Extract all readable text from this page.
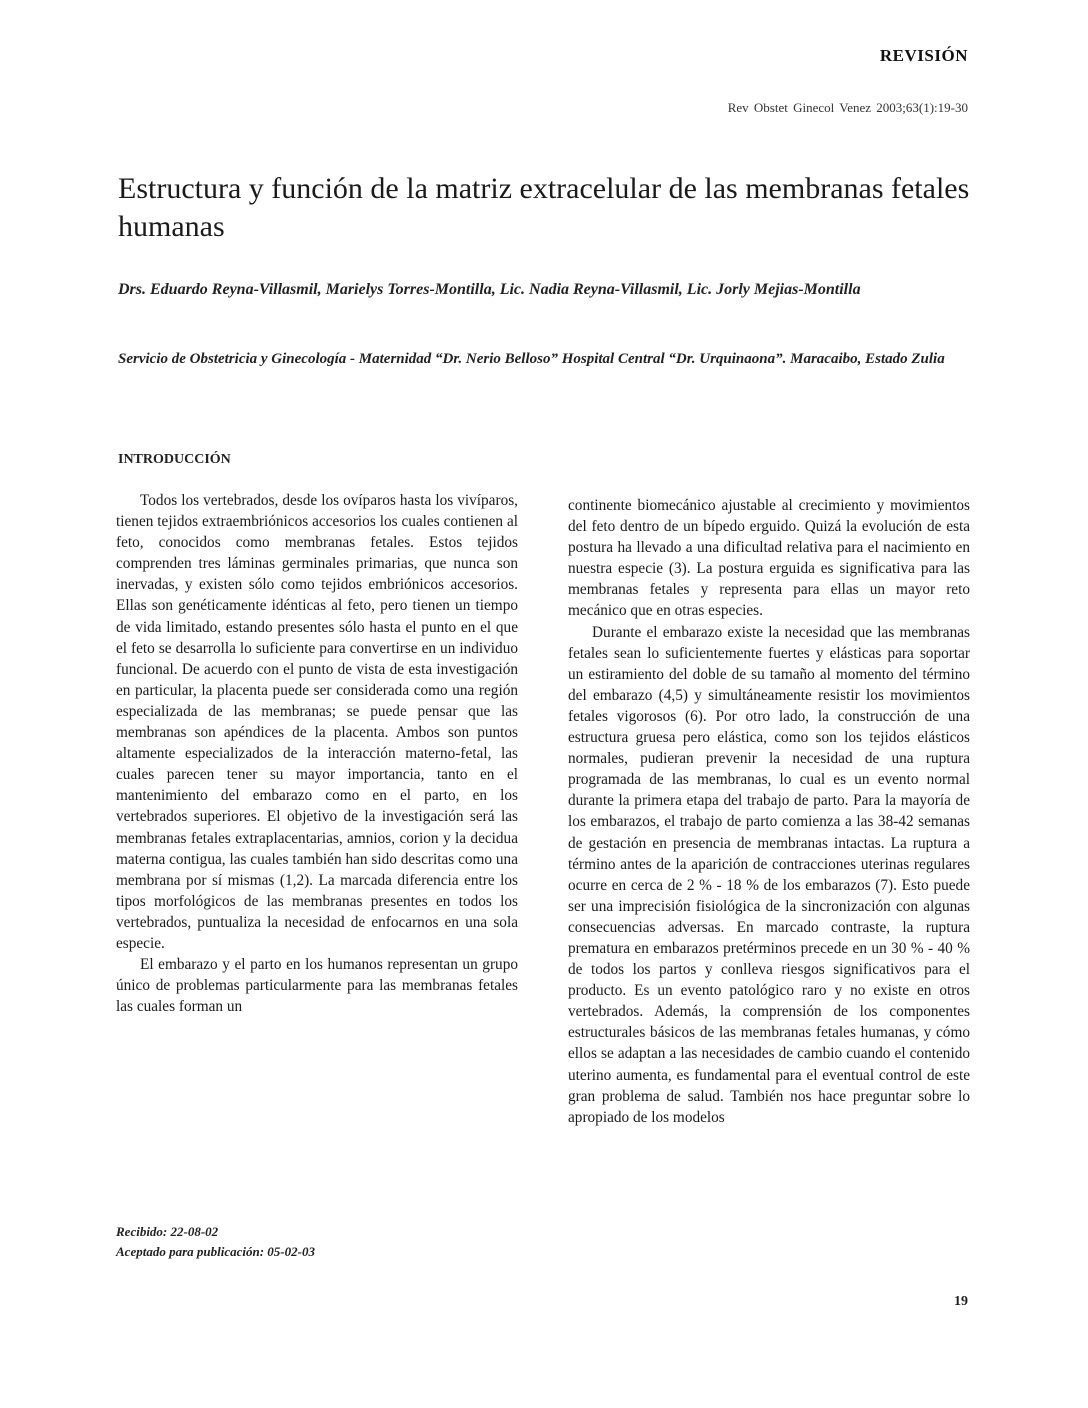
REVISIÓN
Rev Obstet Ginecol Venez 2003;63(1):19-30
Estructura y función de la matriz extracelular de las membranas fetales humanas
Drs. Eduardo Reyna-Villasmil, Marielys Torres-Montilla, Lic. Nadia Reyna-Villasmil, Lic. Jorly Mejias-Montilla
Servicio de Obstetricia y Ginecología - Maternidad “Dr. Nerio Belloso” Hospital Central “Dr. Urquinaona”. Maracaibo, Estado Zulia
INTRODUCCIÓN

Todos los vertebrados, desde los ovíparos hasta los vivíparos, tienen tejidos extraembriónicos accesorios los cuales contienen al feto, conocidos como membranas fetales. Estos tejidos comprenden tres láminas germinales primarias, que nunca son inervadas, y existen sólo como tejidos embriónicos accesorios. Ellas son genéticamente idénticas al feto, pero tienen un tiempo de vida limitado, estando presentes sólo hasta el punto en el que el feto se desarrolla lo suficiente para convertirse en un individuo funcional. De acuerdo con el punto de vista de esta investigación en particular, la placenta puede ser considerada como una región especializada de las membranas; se puede pensar que las membranas son apéndices de la placenta. Ambos son puntos altamente especializados de la interacción materno-fetal, las cuales parecen tener su mayor importancia, tanto en el mantenimiento del embarazo como en el parto, en los vertebrados superiores. El objetivo de la investigación será las membranas fetales extraplacentarias, amnios, corion y la decidua materna contigua, las cuales también han sido descritas como una membrana por sí mismas (1,2). La marcada diferencia entre los tipos morfológicos de las membranas presentes en todos los vertebrados, puntualiza la necesidad de enfocarnos en una sola especie.

El embarazo y el parto en los humanos representan un grupo único de problemas particularmente para las membranas fetales las cuales forman un

continente biomecánico ajustable al crecimiento y movimientos del feto dentro de un bípedo erguido. Quizá la evolución de esta postura ha llevado a una dificultad relativa para el nacimiento en nuestra especie (3). La postura erguida es significativa para las membranas fetales y representa para ellas un mayor reto mecánico que en otras especies.

Durante el embarazo existe la necesidad que las membranas fetales sean lo suficientemente fuertes y elásticas para soportar un estiramiento del doble de su tamaño al momento del término del embarazo (4,5) y simultáneamente resistir los movimientos fetales vigorosos (6). Por otro lado, la construcción de una estructura gruesa pero elástica, como son los tejidos elásticos normales, pudieran prevenir la necesidad de una ruptura programada de las membranas, lo cual es un evento normal durante la primera etapa del trabajo de parto. Para la mayoría de los embarazos, el trabajo de parto comienza a las 38-42 semanas de gestación en presencia de membranas intactas. La ruptura a término antes de la aparición de contracciones uterinas regulares ocurre en cerca de 2 % - 18 % de los embarazos (7). Esto puede ser una imprecisión fisiológica de la sincronización con algunas consecuencias adversas. En marcado contraste, la ruptura prematura en embarazos pretérminos precede en un 30 % - 40 % de todos los partos y conlleva riesgos significativos para el producto. Es un evento patológico raro y no existe en otros vertebrados. Además, la comprensión de los componentes estructurales básicos de las membranas fetales humanas, y cómo ellos se adaptan a las necesidades de cambio cuando el contenido uterino aumenta, es fundamental para el eventual control de este gran problema de salud. También nos hace preguntar sobre lo apropiado de los modelos

Recibido: 22-08-02
Aceptado para publicación: 05-02-03
19
